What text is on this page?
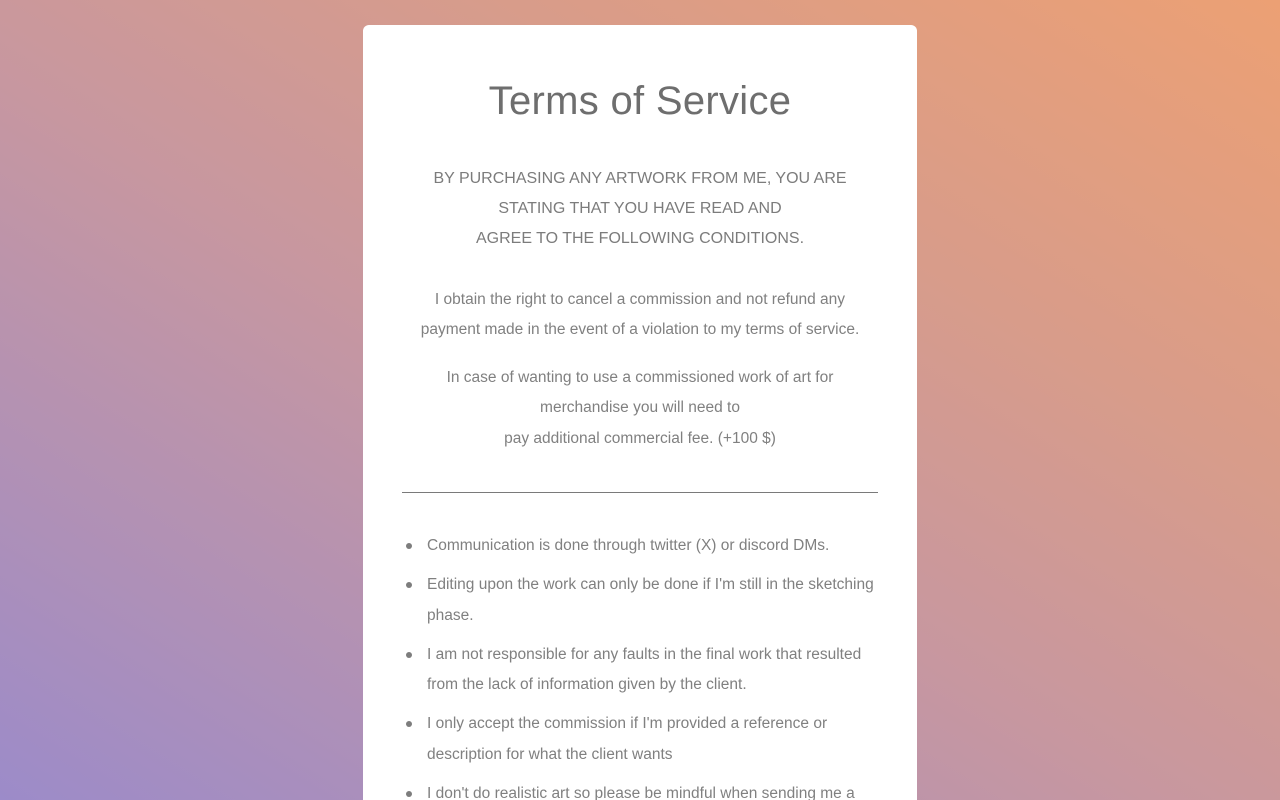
Terms of Service
BY PURCHASING ANY ARTWORK FROM ME, YOU ARE
STATING THAT YOU HAVE READ AND
AGREE TO THE FOLLOWING CONDITIONS.

I obtain the right to cancel a commission and not refund any
payment made in the event of a violation to my terms of service.

In case of wanting to use a commissioned work of art for
merchandise you will need to
pay additional commercial fee. (+100 $)

Communication is done through twitter (X) or discord DMs.
Editing upon the work can only be done if I'm still in the sketching phase.
I am not responsible for any faults in the final work that resulted from the lack of information given by the client.
I only accept the commission if I'm provided a reference or description for what the client wants
I don't do realistic art so please be mindful when sending me a
